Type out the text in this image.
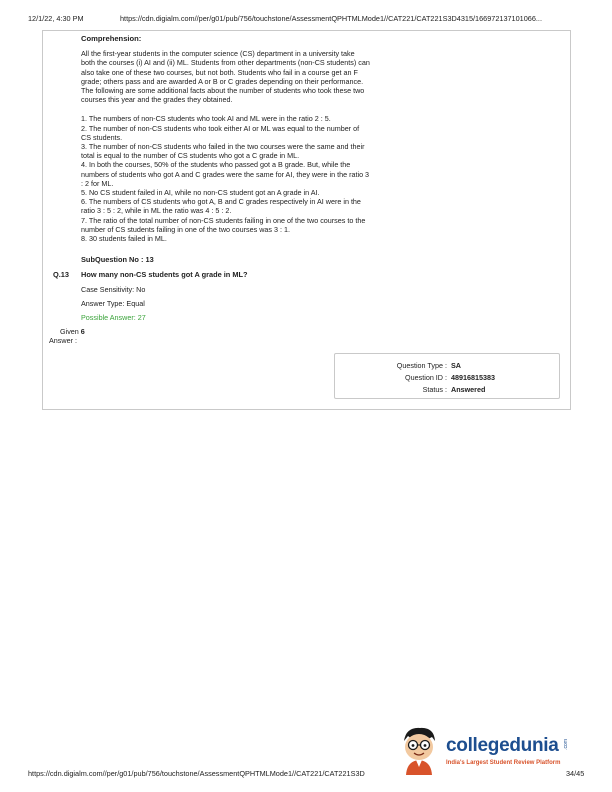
12/1/22, 4:30 PM	https://cdn.digialm.com//per/g01/pub/756/touchstone/AssessmentQPHTMLMode1//CAT221/CAT221S3D4315/166972137101066...
Comprehension:
All the first-year students in the computer science (CS) department in a university take
both the courses (i) AI and (ii) ML. Students from other departments (non-CS students) can
also take one of these two courses, but not both. Students who fail in a course get an F
grade; others pass and are awarded A or B or C grades depending on their performance.
The following are some additional facts about the number of students who took these two
courses this year and the grades they obtained.
1. The numbers of non-CS students who took AI and ML were in the ratio 2 : 5.
2. The number of non-CS students who took either AI or ML was equal to the number of
CS students.
3. The number of non-CS students who failed in the two courses were the same and their
total is equal to the number of CS students who got a C grade in ML.
4. In both the courses, 50% of the students who passed got a B grade. But, while the
numbers of students who got A and C grades were the same for AI, they were in the ratio 3
: 2 for ML.
5. No CS student failed in AI, while no non-CS student got an A grade in AI.
6. The numbers of CS students who got A, B and C grades respectively in AI were in the
ratio 3 : 5 : 2, while in ML the ratio was 4 : 5 : 2.
7. The ratio of the total number of non-CS students failing in one of the two courses to the
number of CS students failing in one of the two courses was 3 : 1.
8. 30 students failed in ML.
SubQuestion No : 13
Q.13 How many non-CS students got A grade in ML?
Case Sensitivity: No
Answer Type: Equal
Possible Answer: 27
Given 6
Answer :
Question Type : SA
Question ID : 48916815383
Status : Answered
collegedunia .com
India's Largest Student Review Platform
https://cdn.digialm.com//per/g01/pub/756/touchstone/AssessmentQPHTMLMode1//CAT221/CAT221S3D	34/45
